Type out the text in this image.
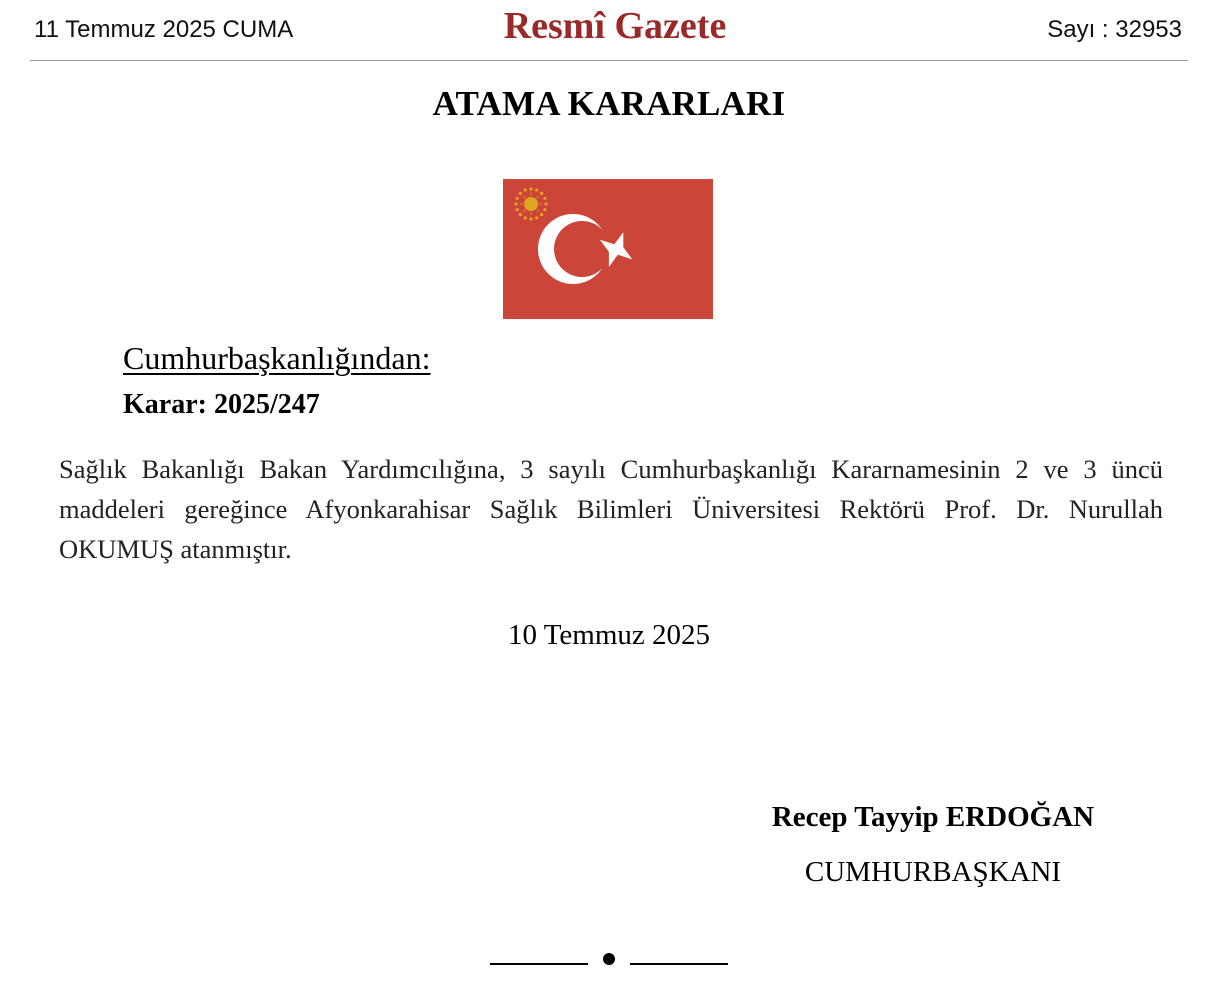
11 Temmuz 2025 CUMA	Resmî Gazete	Sayı : 32953
ATAMA KARARLARI
Cumhurbaşkanlığından:
Karar: 2025/247

Sağlık Bakanlığı Bakan Yardımcılığına, 3 sayılı Cumhurbaşkanlığı Kararnamesinin 2 ve 3 üncü maddeleri gereğince Afyonkarahisar Sağlık Bilimleri Üniversitesi Rektörü Prof. Dr. Nurullah OKUMUŞ atanmıştır.

10 Temmuz 2025
Recep Tayyip ERDOĞAN
CUMHURBAŞKANI
